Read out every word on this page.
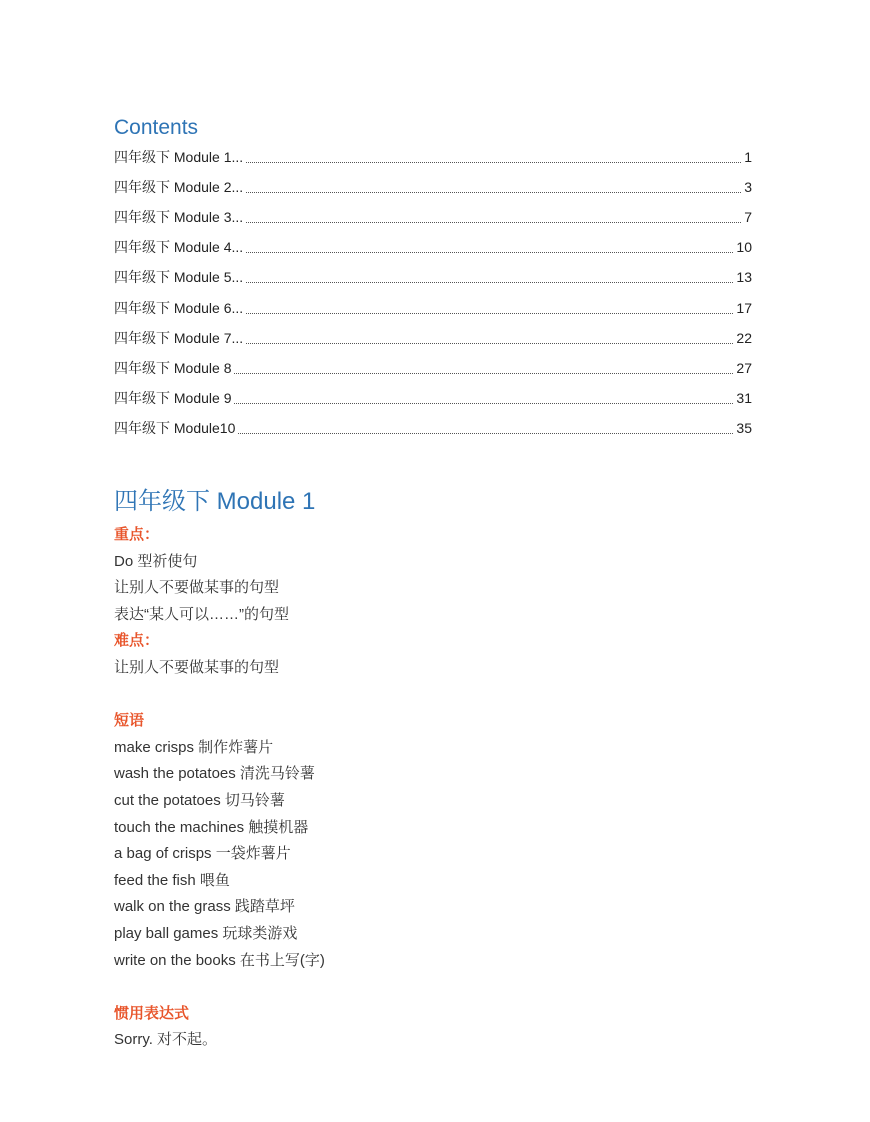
Contents
四年级下 Module 1...	1
四年级下 Module 2...	3
四年级下 Module 3...	7
四年级下 Module 4...	10
四年级下 Module 5...	13
四年级下 Module 6...	17
四年级下 Module 7...	22
四年级下 Module 8	27
四年级下 Module 9	31
四年级下 Module10	35
四年级下 Module 1
重点：
Do 型祈使句
让别人不要做某事的句型
表达“某人可以……”的句型
难点：
让别人不要做某事的句型
短语
make crisps 制作炸薯片
wash the potatoes 清洗马铃薯
cut the potatoes 切马铃薯
touch the machines 触摸机器
a bag of crisps 一袋炸薯片
feed the fish 喂鱼
walk on the grass 践踏草坪
play ball games 玩球类游戏
write on the books 在书上写(字)
惯用表达式
Sorry. 对不起。
